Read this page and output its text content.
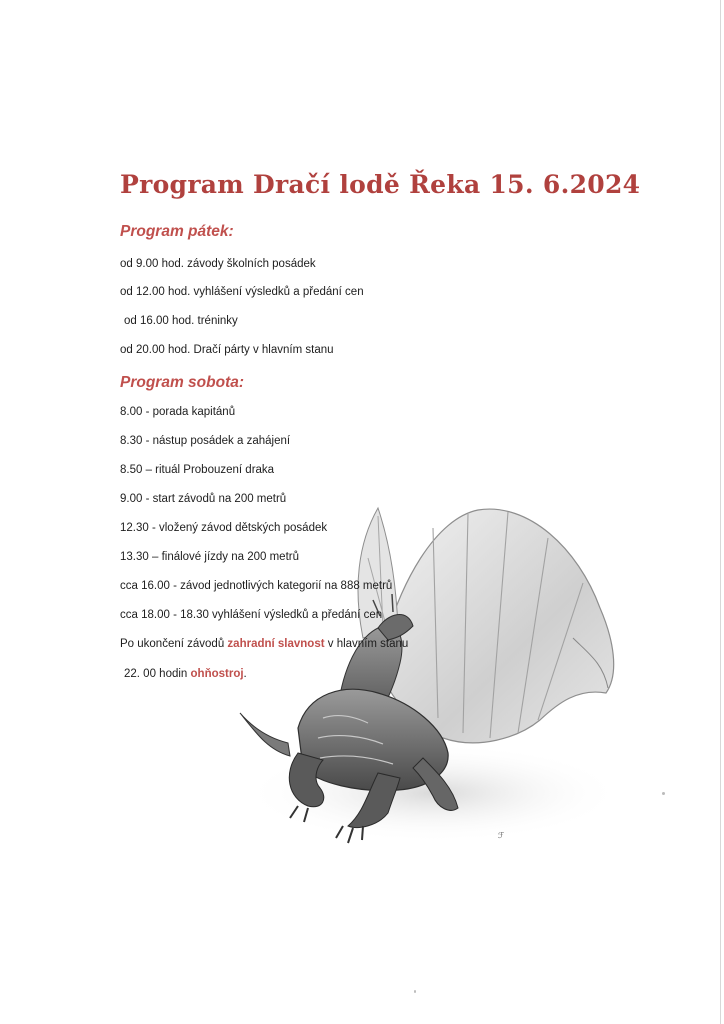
ℱ
Program Dračí lodě Řeka 15. 6.2024
Program pátek:

od 9.00 hod. závody školních posádek

od 12.00 hod. vyhlášení výsledků a předání cen

od 16.00 hod. tréninky

od 20.00 hod. Dračí párty v hlavním stanu

Program sobota:

8.00 - porada kapitánů

8.30 - nástup posádek a zahájení

8.50 – rituál Probouzení draka

9.00 - start závodů na 200 metrů

12.30 - vložený závod dětských posádek

13.30 – finálové jízdy na 200 metrů

cca 16.00 - závod jednotlivých kategorií na 888 metrů

cca 18.00 - 18.30 vyhlášení výsledků a předání cen

Po ukončení závodů zahradní slavnost v hlavním stanu

22. 00 hodin ohňostroj.
